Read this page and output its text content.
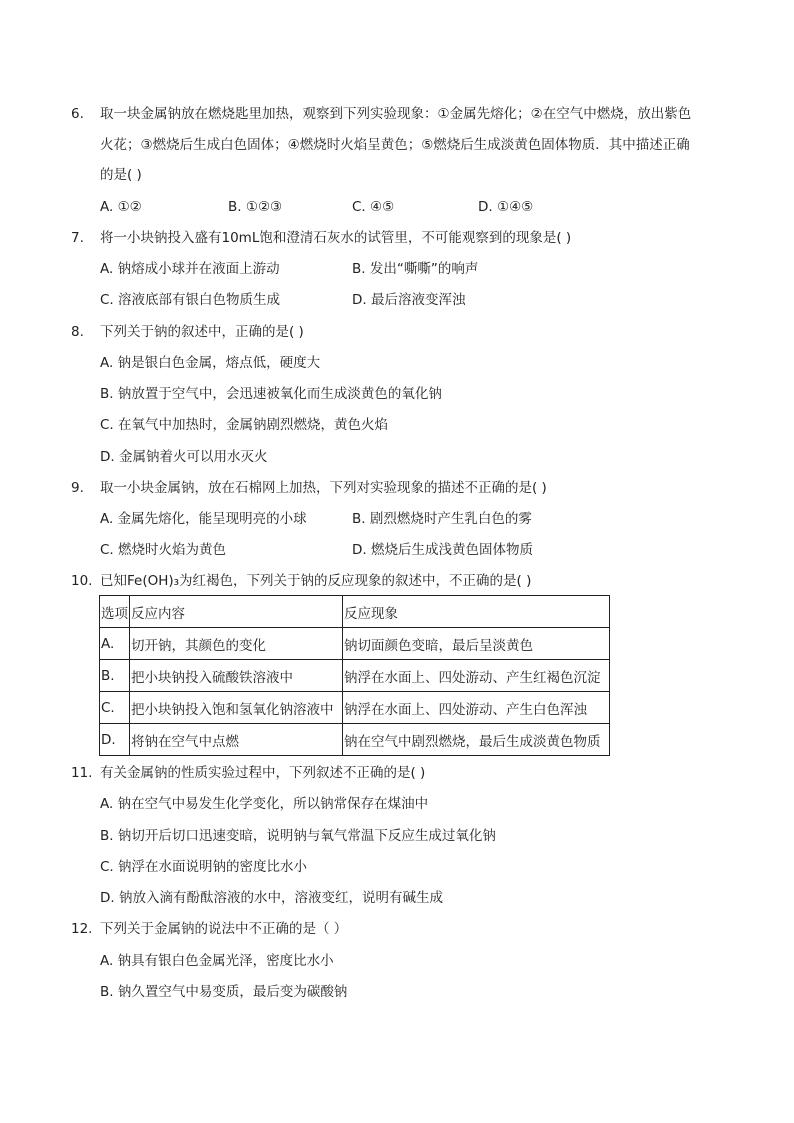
6. 取一块金属钠放在燃烧匙里加热，观察到下列实验现象：①金属先熔化；②在空气中燃烧，放出紫色
火花；③燃烧后生成白色固体；④燃烧时火焰呈黄色；⑤燃烧后生成淡黄色固体物质．其中描述正确
的是( )
A. ①②	B. ①②③	C. ④⑤	D. ①④⑤
7. 将一小块钠投入盛有10mL饱和澄清石灰水的试管里，不可能观察到的现象是( )
A. 钠熔成小球并在液面上游动	B. 发出“嘶嘶”的响声
C. 溶液底部有银白色物质生成	D. 最后溶液变浑浊
8. 下列关于钠的叙述中，正确的是( )
A. 钠是银白色金属，熔点低，硬度大
B. 钠放置于空气中，会迅速被氧化而生成淡黄色的氧化钠
C. 在氧气中加热时，金属钠剧烈燃烧，黄色火焰
D. 金属钠着火可以用水灭火
9. 取一小块金属钠，放在石棉网上加热，下列对实验现象的描述不正确的是( )
A. 金属先熔化，能呈现明亮的小球	B. 剧烈燃烧时产生乳白色的雾
C. 燃烧时火焰为黄色	D. 燃烧后生成浅黄色固体物质
10. 已知Fe(OH)₃为红褐色，下列关于钠的反应现象的叙述中，不正确的是( )
选项	反应内容	反应现象
A.	切开钠，其颜色的变化	钠切面颜色变暗，最后呈淡黄色
B.	把小块钠投入硫酸铁溶液中	钠浮在水面上、四处游动、产生红褐色沉淀
C.	把小块钠投入饱和氢氧化钠溶液中	钠浮在水面上、四处游动、产生白色浑浊
D.	将钠在空气中点燃	钠在空气中剧烈燃烧，最后生成淡黄色物质
11. 有关金属钠的性质实验过程中，下列叙述不正确的是( )
A. 钠在空气中易发生化学变化，所以钠常保存在煤油中
B. 钠切开后切口迅速变暗，说明钠与氧气常温下反应生成过氧化钠
C. 钠浮在水面说明钠的密度比水小
D. 钠放入滴有酚酞溶液的水中，溶液变红，说明有碱生成
12. 下列关于金属钠的说法中不正确的是（ ）
A. 钠具有银白色金属光泽，密度比水小
B. 钠久置空气中易变质，最后变为碳酸钠
